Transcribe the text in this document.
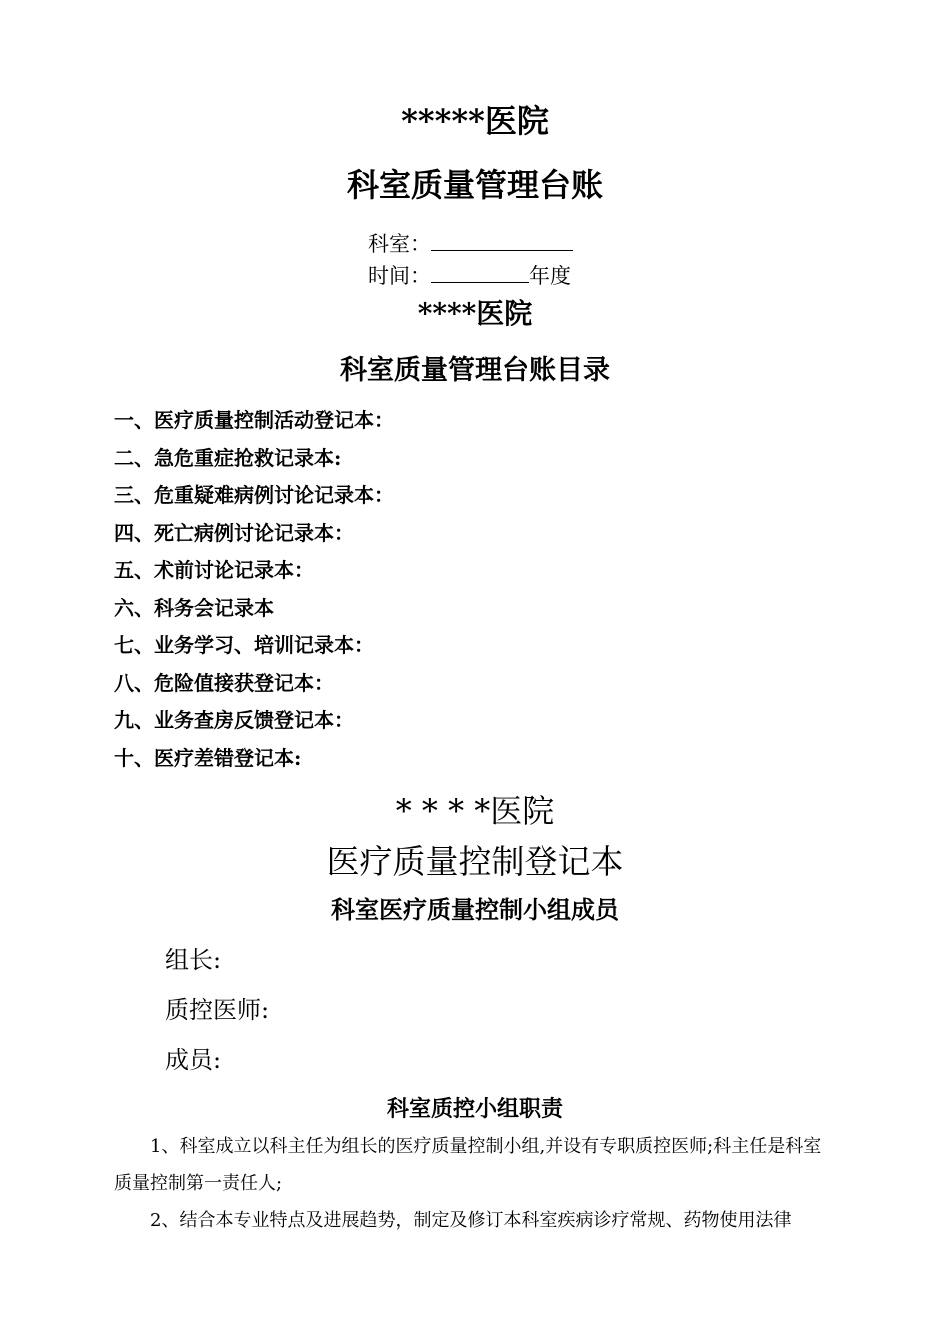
*****医院
科室质量管理台账
科室：
时间：	年度
****医院
科室质量管理台账目录
一、医疗质量控制活动登记本：
二、急危重症抢救记录本:
三、危重疑难病例讨论记录本：
四、死亡病例讨论记录本：
五、术前讨论记录本：
六、科务会记录本
七、业务学习、培训记录本：
八、危险值接获登记本：
九、业务查房反馈登记本：
十、医疗差错登记本:
* * * *医院
医疗质量控制登记本
科室医疗质量控制小组成员
组长:
质控医师:
成员:
科室质控小组职责

1、科室成立以科主任为组长的医疗质量控制小组,并设有专职质控医师;科主任是科室质量控制第一责任人;

2、结合本专业特点及进展趋势，制定及修订本科室疾病诊疗常规、药物使用法律
